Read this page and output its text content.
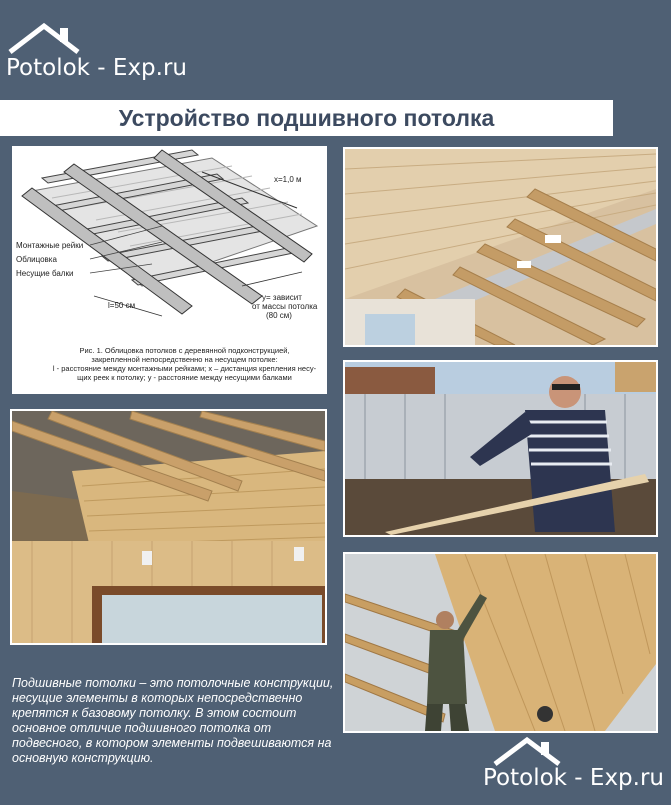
Potolok - Exp.ru
Устройство подшивного потолка
x=1,0 м
Монтажные рейки
Облицовка
Несущие балки
l=50 см
у= зависит
от массы потолка
(80 см)
Рис. 1. Облицовка потолков с деревянной подконструкцией,
закрепленной непосредственно на несущем потолке:
l - расстояние между монтажными рейками; x – дистанция крепления несу-
щих реек к потолку; у - расстояние между несущими балками
Подшивные потолки – это потолочные конструкции, несущие элементы в которых непосредственно крепятся к базовому потолку. В этом состоит основное отличие подшивного потолка от подвесного, в котором элементы подвешиваются на основную конструкцию.
Potolok - Exp.ru
